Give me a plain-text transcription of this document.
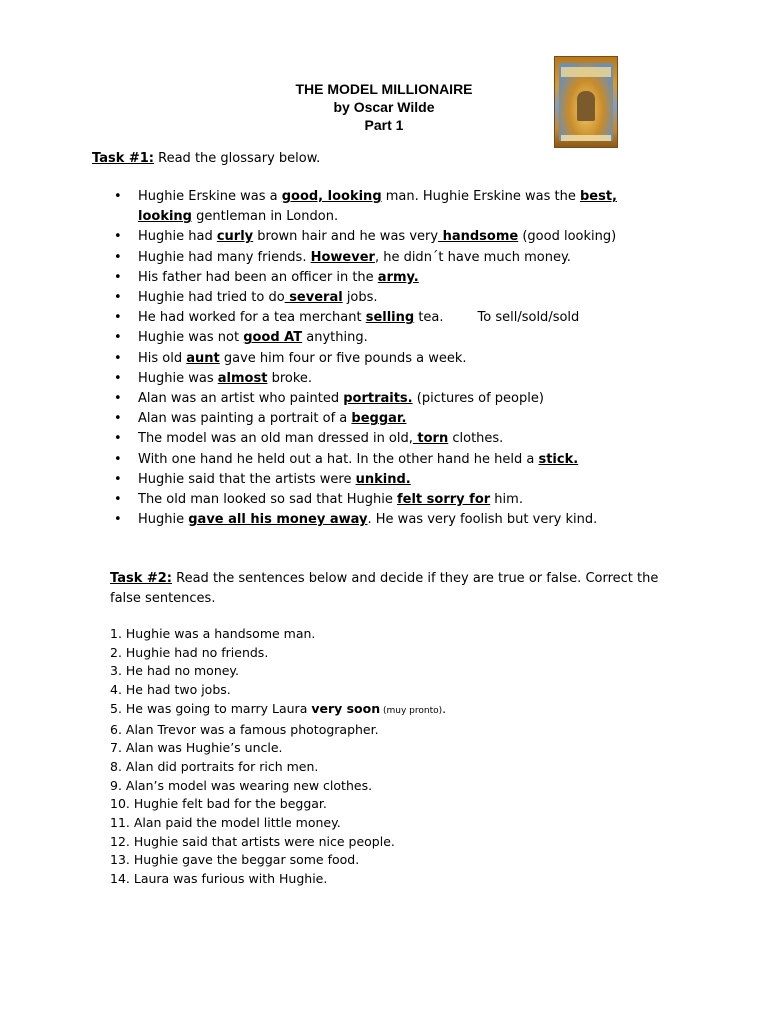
THE MODEL MILLIONAIRE
by Oscar Wilde
Part 1
Task #1: Read the glossary below.
• Hughie Erskine was a good, looking man. Hughie Erskine was the best, looking gentleman in London.
• Hughie had curly brown hair and he was very handsome (good looking)
• Hughie had many friends. However, he didn´t have much money.
• His father had been an officer in the army.
• Hughie had tried to do several jobs.
• He had worked for a tea merchant selling tea.	To sell/sold/sold
• Hughie was not good AT anything.
• His old aunt gave him four or five pounds a week.
• Hughie was almost broke.
• Alan was an artist who painted portraits. (pictures of people)
• Alan was painting a portrait of a beggar.
• The model was an old man dressed in old, torn clothes.
• With one hand he held out a hat. In the other hand he held a stick.
• Hughie said that the artists were unkind.
• The old man looked so sad that Hughie felt sorry for him.
• Hughie gave all his money away. He was very foolish but very kind.
Task #2: Read the sentences below and decide if they are true or false. Correct the false sentences.
1. Hughie was a handsome man.
2. Hughie had no friends.
3. He had no money.
4. He had two jobs.
5. He was going to marry Laura very soon (muy pronto).
6. Alan Trevor was a famous photographer.
7. Alan was Hughie’s uncle.
8. Alan did portraits for rich men.
9. Alan’s model was wearing new clothes.
10. Hughie felt bad for the beggar.
11. Alan paid the model little money.
12. Hughie said that artists were nice people.
13. Hughie gave the beggar some food.
14. Laura was furious with Hughie.
